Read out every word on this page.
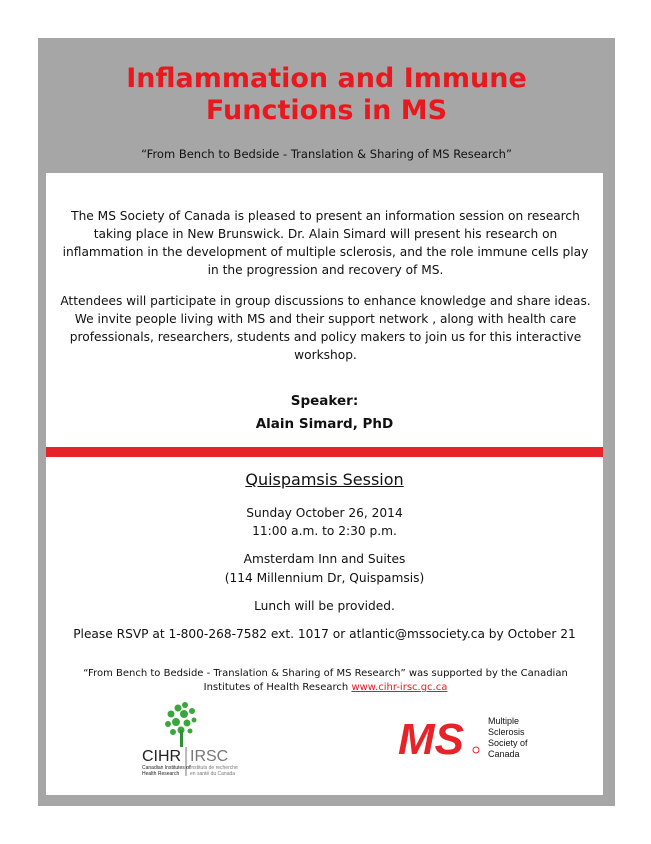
Inflammation and Immune
Functions in MS
“From Bench to Bedside - Translation & Sharing of MS Research”
The MS Society of Canada is pleased to present an information session on research taking place in New Brunswick. Dr. Alain Simard will present his research on inflammation in the development of multiple sclerosis, and the role immune cells play in the progression and recovery of MS.
Attendees will participate in group discussions to enhance knowledge and share ideas. We invite people living with MS and their support network , along with health care professionals, researchers, students and policy makers to join us for this interactive workshop.
Speaker:
Alain Simard, PhD
Quispamsis Session
Sunday October 26, 2014
11:00 a.m. to 2:30 p.m.
Amsterdam Inn and Suites
(114 Millennium Dr, Quispamsis)
Lunch will be provided.
Please RSVP at 1-800-268-7582 ext. 1017 or atlantic@mssociety.ca by October 21
“From Bench to Bedside - Translation & Sharing of MS Research” was supported by the Canadian Institutes of Health Research www.cihr-irsc.gc.ca
CIHR IRSC
Canadian Institutes of
Health Research
Instituts de recherche
en santé du Canada
MS	Multiple
Sclerosis
Society of
Canada
